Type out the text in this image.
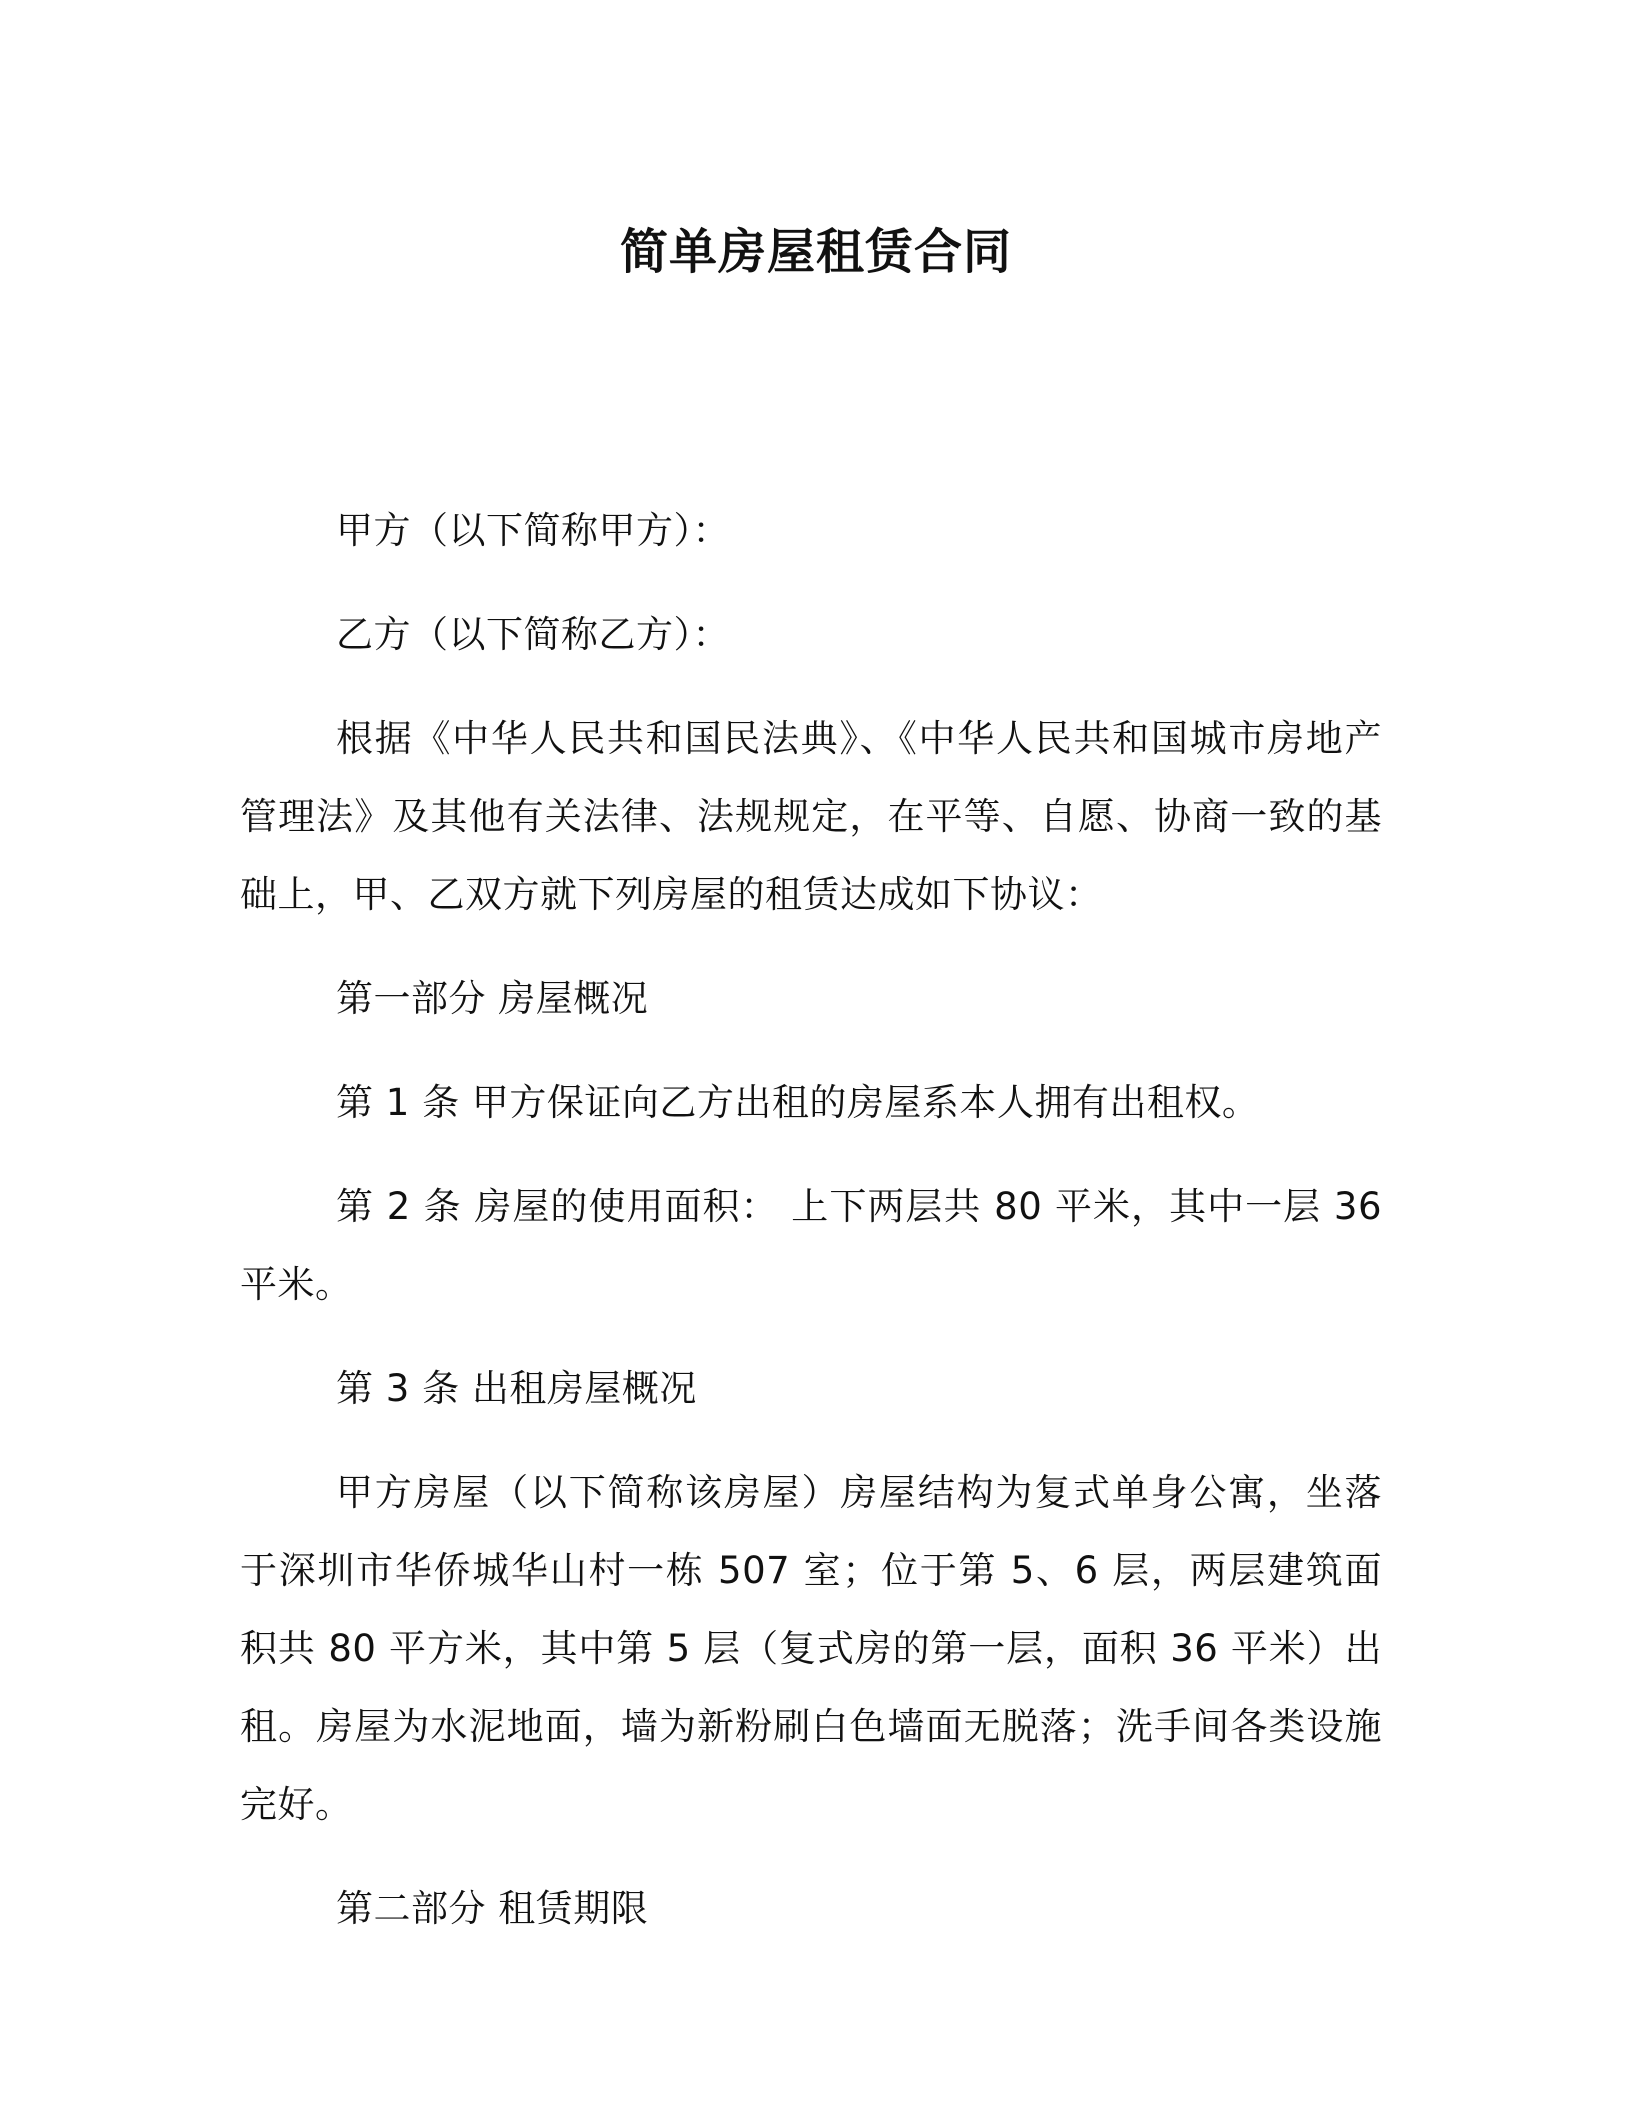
简单房屋租赁合同

甲方（以下简称甲方）：

乙方（以下简称乙方）：

根据《中华人民共和国民法典》、《中华人民共和国城市房地产管理法》及其他有关法律、法规规定，在平等、自愿、协商一致的基础上，甲、乙双方就下列房屋的租赁达成如下协议：

第一部分 房屋概况

第 1 条 甲方保证向乙方出租的房屋系本人拥有出租权。

第 2 条 房屋的使用面积： 上下两层共 80 平米，其中一层 36 平米。

第 3 条 出租房屋概况

甲方房屋（以下简称该房屋）房屋结构为复式单身公寓，坐落于深圳市华侨城华山村一栋 507 室；位于第 5、6 层，两层建筑面积共 80 平方米，其中第 5 层（复式房的第一层，面积 36 平米）出租。房屋为水泥地面，墙为新粉刷白色墙面无脱落；洗手间各类设施完好。

第二部分 租赁期限
